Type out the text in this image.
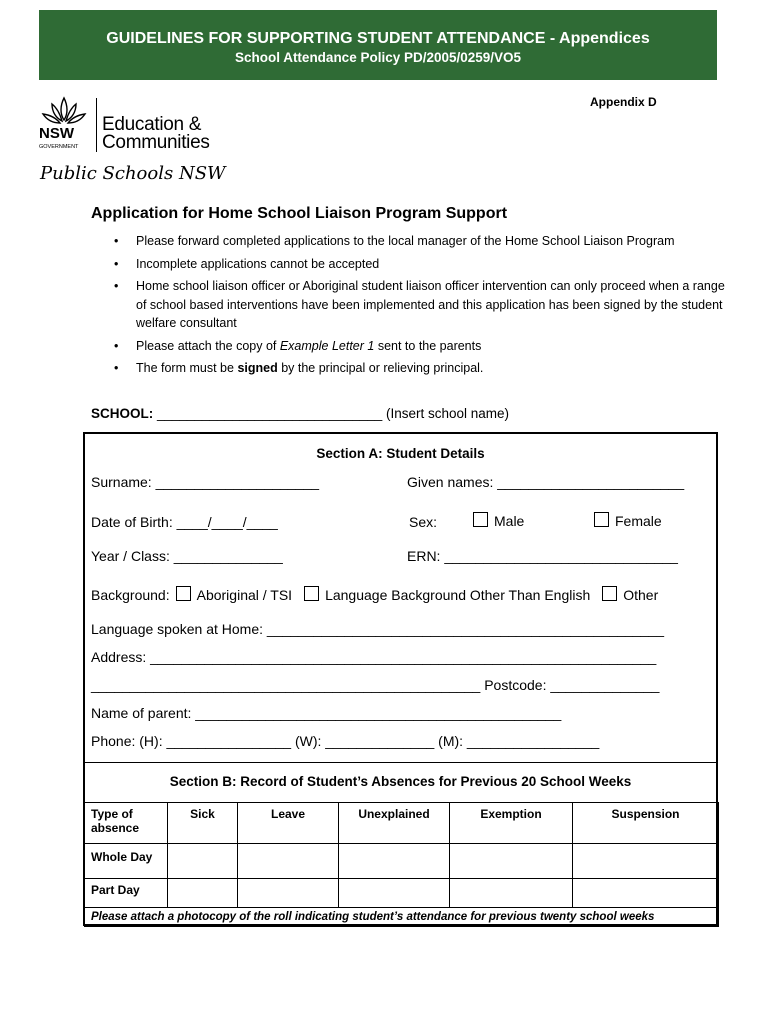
GUIDELINES FOR SUPPORTING STUDENT ATTENDANCE - Appendices
School Attendance Policy PD/2005/0259/VO5
Appendix D
NSW
GOVERNMENT
Education &
Communities
Public Schools NSW
Application for Home School Liaison Program Support
• Please forward completed applications to the local manager of the Home School Liaison Program
• Incomplete applications cannot be accepted
• Home school liaison officer or Aboriginal student liaison officer intervention can only proceed when a range of school based interventions have been implemented and this application has been signed by the student welfare consultant
• Please attach the copy of Example Letter 1 sent to the parents
• The form must be signed by the principal or relieving principal.
SCHOOL: ______________________________ (Insert school name)
Section A: Student Details
Surname: _____________________	Given names: ________________________
Date of Birth: ____/____/____	Sex:	Male	Female
Year / Class: ______________	ERN: ______________________________
Background: Aboriginal / TSI Language Background Other Than English Other
Language spoken at Home: ___________________________________________________
Address: _________________________________________________________________
__________________________________________________ Postcode: ______________
Name of parent: _______________________________________________
Phone: (H): ________________ (W): ______________ (M): _________________
Section B: Record of Student’s Absences for Previous 20 School Weeks
Type of absence	Sick	Leave	Unexplained	Exemption	Suspension
Whole Day					
Part Day					
Please attach a photocopy of the roll indicating student’s attendance for previous twenty school weeks					
